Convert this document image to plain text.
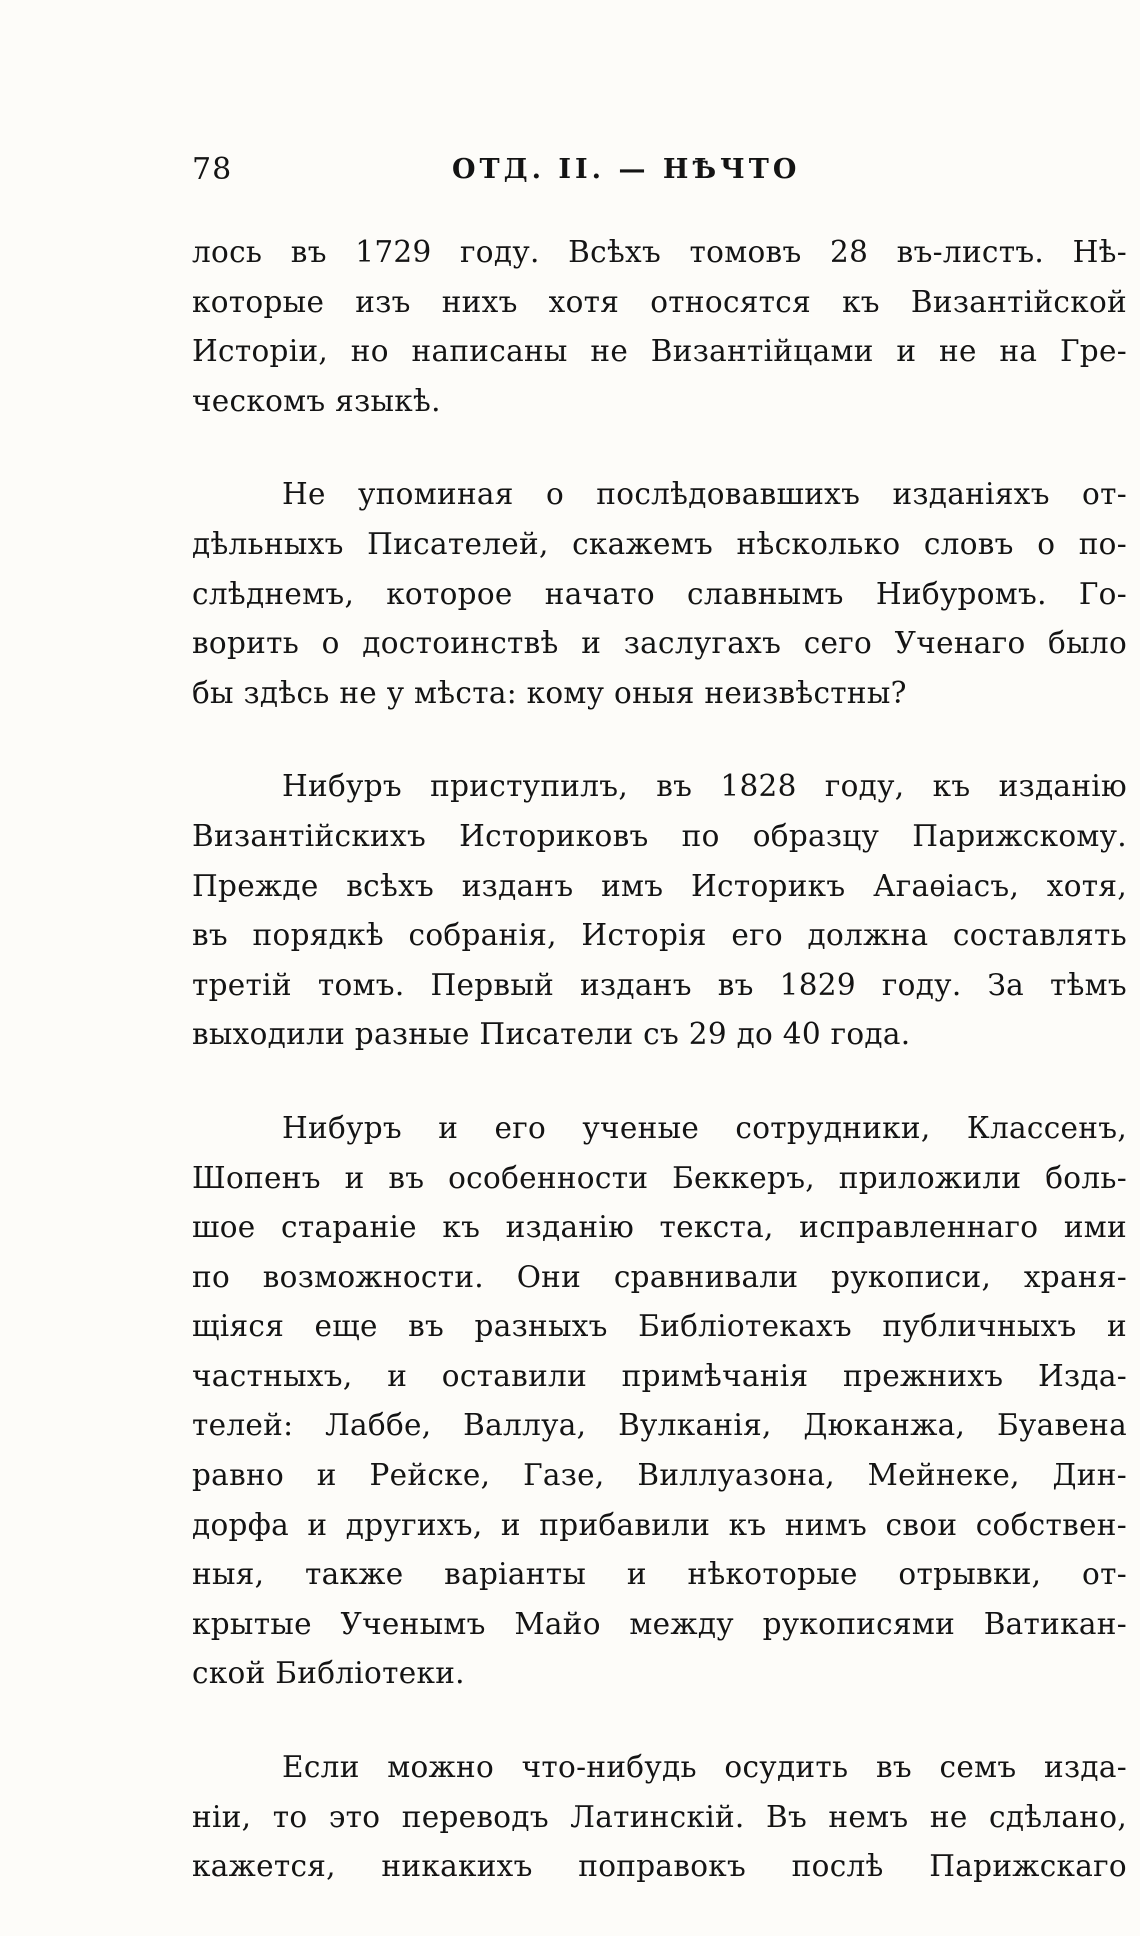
78	ОТД. II. — НѢЧТО
лось въ 1729 году. Всѣхъ томовъ 28 въ-листъ. Нѣ-
которые изъ нихъ хотя относятся къ Византійской
Исторіи, но написаны не Византійцами и не на Гре-
ческомъ языкѣ.
Не упоминая о послѣдовавшихъ изданіяхъ от-
дѣльныхъ Писателей, скажемъ нѣсколько словъ о по-
слѣднемъ, которое начато славнымъ Нибуромъ. Го-
ворить о достоинствѣ и заслугахъ сего Ученаго было
бы здѣсь не у мѣста: кому оныя неизвѣстны?
Нибуръ приступилъ, въ 1828 году, къ изданію
Византійскихъ Историковъ по образцу Парижскому.
Прежде всѣхъ изданъ имъ Историкъ Агаѳіасъ, хотя,
въ порядкѣ собранія, Исторія его должна составлять
третій томъ. Первый изданъ въ 1829 году. За тѣмъ
выходили разные Писатели съ 29 до 40 года.
Нибуръ и его ученые сотрудники, Классенъ,
Шопенъ и въ особенности Беккеръ, приложили боль-
шое стараніе къ изданію текста, исправленнаго ими
по возможности. Они сравнивали рукописи, храня-
щіяся еще въ разныхъ Библіотекахъ публичныхъ и
частныхъ, и оставили примѣчанія прежнихъ Изда-
телей: Лаббе, Валлуа, Вулканія, Дюканжа, Буавена
равно и Рейске, Газе, Виллуазона, Мейнеке, Дин-
дорфа и другихъ, и прибавили къ нимъ свои собствен-
ныя, также варіанты и нѣкоторые отрывки, от-
крытые Ученымъ Майо между рукописями Ватикан-
ской Библіотеки.
Если можно что-нибудь осудить въ семъ изда-
ніи, то это переводъ Латинскій. Въ немъ не сдѣлано,
кажется, никакихъ поправокъ послѣ Парижскаго
